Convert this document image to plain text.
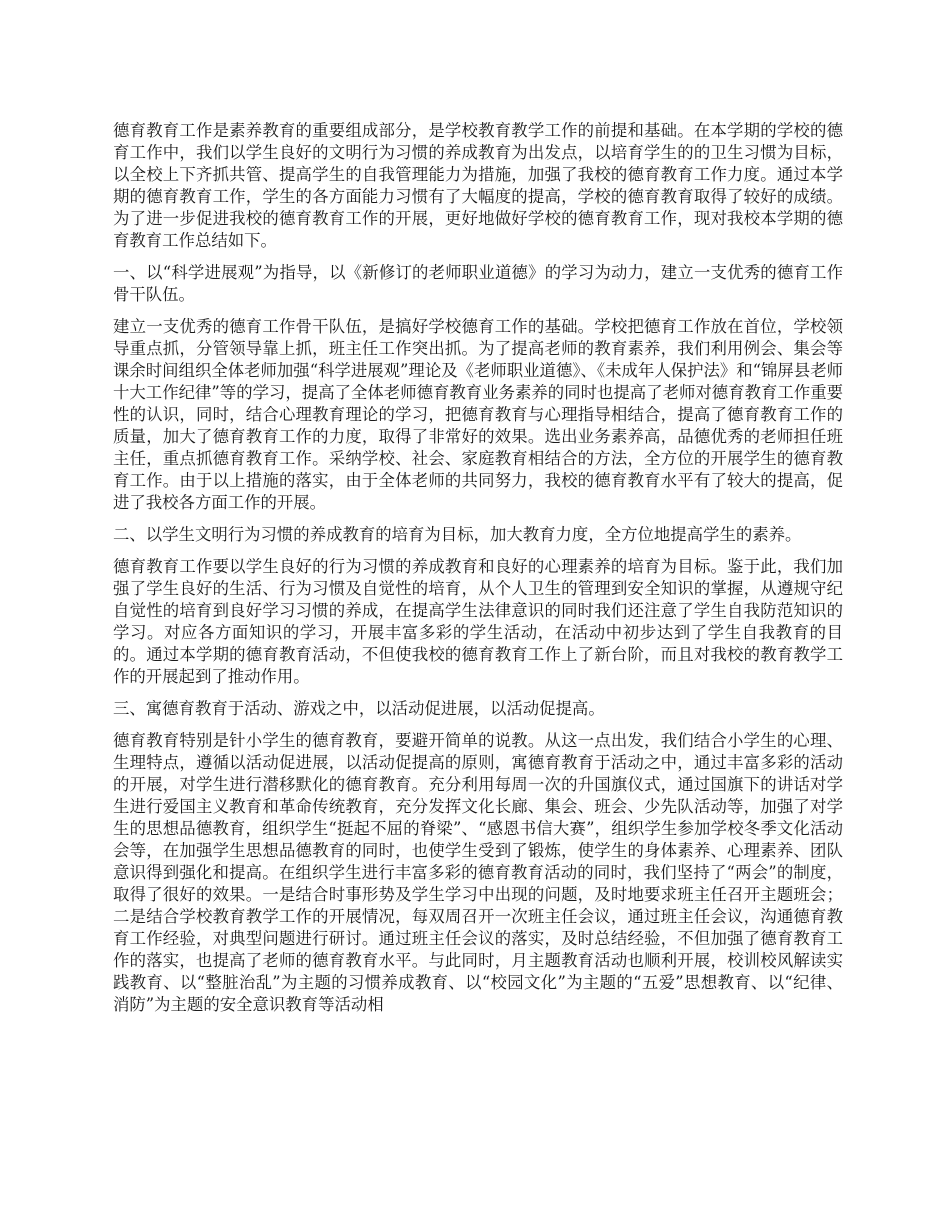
德育教育工作是素养教育的重要组成部分，是学校教育教学工作的前提和基础。在本学期的学校的德育工作中，我们以学生良好的文明行为习惯的养成教育为出发点，以培育学生的的卫生习惯为目标，以全校上下齐抓共管、提高学生的自我管理能力为措施，加强了我校的德育教育工作力度。通过本学期的德育教育工作，学生的各方面能力习惯有了大幅度的提高，学校的德育教育取得了较好的成绩。为了进一步促进我校的德育教育工作的开展，更好地做好学校的德育教育工作，现对我校本学期的德育教育工作总结如下。

一、以“科学进展观”为指导，以《新修订的老师职业道德》的学习为动力，建立一支优秀的德育工作骨干队伍。

建立一支优秀的德育工作骨干队伍，是搞好学校德育工作的基础。学校把德育工作放在首位，学校领导重点抓，分管领导靠上抓，班主任工作突出抓。为了提高老师的教育素养，我们利用例会、集会等课余时间组织全体老师加强“科学进展观”理论及《老师职业道德》、《未成年人保护法》和“锦屏县老师十大工作纪律”等的学习，提高了全体老师德育教育业务素养的同时也提高了老师对德育教育工作重要性的认识，同时，结合心理教育理论的学习，把德育教育与心理指导相结合，提高了德育教育工作的质量，加大了德育教育工作的力度，取得了非常好的效果。选出业务素养高，品德优秀的老师担任班主任，重点抓德育教育工作。采纳学校、社会、家庭教育相结合的方法，全方位的开展学生的德育教育工作。由于以上措施的落实，由于全体老师的共同努力，我校的德育教育水平有了较大的提高，促进了我校各方面工作的开展。

二、以学生文明行为习惯的养成教育的培育为目标，加大教育力度，全方位地提高学生的素养。

德育教育工作要以学生良好的行为习惯的养成教育和良好的心理素养的培育为目标。鉴于此，我们加强了学生良好的生活、行为习惯及自觉性的培育，从个人卫生的管理到安全知识的掌握，从遵规守纪自觉性的培育到良好学习习惯的养成，在提高学生法律意识的同时我们还注意了学生自我防范知识的学习。对应各方面知识的学习，开展丰富多彩的学生活动，在活动中初步达到了学生自我教育的目的。通过本学期的德育教育活动，不但使我校的德育教育工作上了新台阶，而且对我校的教育教学工作的开展起到了推动作用。

三、寓德育教育于活动、游戏之中，以活动促进展，以活动促提高。

德育教育特别是针小学生的德育教育，要避开简单的说教。从这一点出发，我们结合小学生的心理、生理特点，遵循以活动促进展，以活动促提高的原则，寓德育教育于活动之中，通过丰富多彩的活动的开展，对学生进行潜移默化的德育教育。充分利用每周一次的升国旗仪式，通过国旗下的讲话对学生进行爱国主义教育和革命传统教育，充分发挥文化长廊、集会、班会、少先队活动等，加强了对学生的思想品德教育，组织学生“挺起不屈的脊梁”、“感恩书信大赛”，组织学生参加学校冬季文化活动会等，在加强学生思想品德教育的同时，也使学生受到了锻炼，使学生的身体素养、心理素养、团队意识得到强化和提高。在组织学生进行丰富多彩的德育教育活动的同时，我们坚持了“两会”的制度，取得了很好的效果。一是结合时事形势及学生学习中出现的问题，及时地要求班主任召开主题班会；二是结合学校教育教学工作的开展情况，每双周召开一次班主任会议，通过班主任会议，沟通德育教育工作经验，对典型问题进行研讨。通过班主任会议的落实，及时总结经验，不但加强了德育教育工作的落实，也提高了老师的德育教育水平。与此同时，月主题教育活动也顺利开展，校训校风解读实践教育、以“整脏治乱”为主题的习惯养成教育、以“校园文化”为主题的“五爱”思想教育、以“纪律、消防”为主题的安全意识教育等活动相
